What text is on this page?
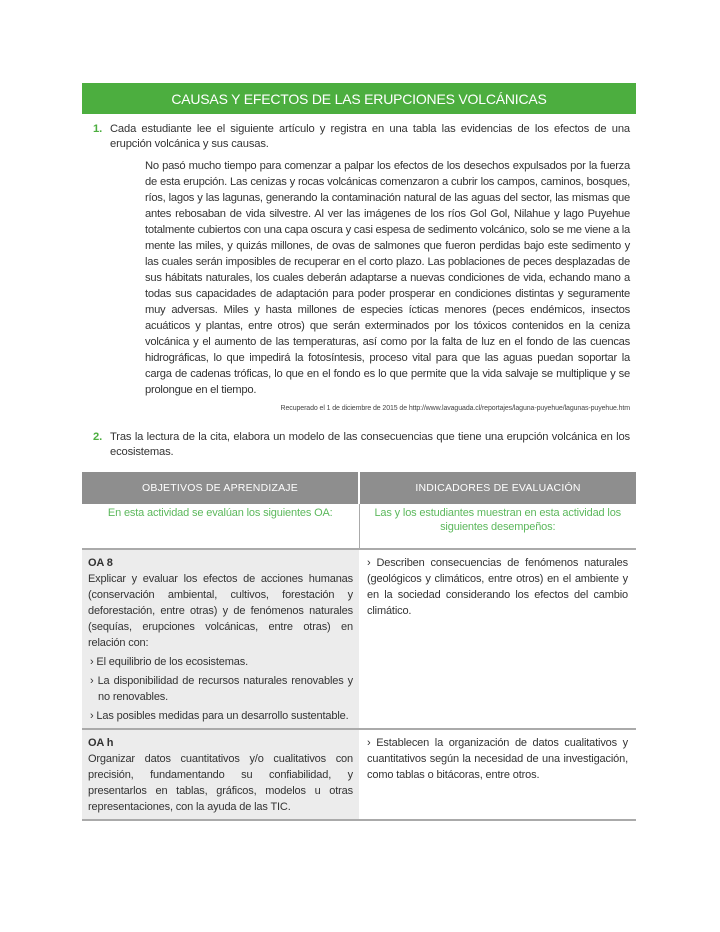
CAUSAS Y EFECTOS DE LAS ERUPCIONES VOLCÁNICAS
1. Cada estudiante lee el siguiente artículo y registra en una tabla las evidencias de los efectos de una erupción volcánica y sus causas.
No pasó mucho tiempo para comenzar a palpar los efectos de los desechos expulsados por la fuerza de esta erupción. Las cenizas y rocas volcánicas comenzaron a cubrir los campos, caminos, bosques, ríos, lagos y las lagunas, generando la contaminación natural de las aguas del sector, las mismas que antes rebosaban de vida silvestre. Al ver las imágenes de los ríos Gol Gol, Nilahue y lago Puyehue totalmente cubiertos con una capa oscura y casi espesa de sedimento volcánico, solo se me viene a la mente las miles, y quizás millones, de ovas de salmones que fueron perdidas bajo este sedimento y las cuales serán imposibles de recuperar en el corto plazo. Las poblaciones de peces desplazadas de sus hábitats naturales, los cuales deberán adaptarse a nuevas condiciones de vida, echando mano a todas sus capacidades de adaptación para poder prosperar en condiciones distintas y seguramente muy adversas. Miles y hasta millones de especies ícticas menores (peces endémicos, insectos acuáticos y plantas, entre otros) que serán exterminados por los tóxicos contenidos en la ceniza volcánica y el aumento de las temperaturas, así como por la falta de luz en el fondo de las cuencas hidrográficas, lo que impedirá la fotosíntesis, proceso vital para que las aguas puedan soportar la carga de cadenas tróficas, lo que en el fondo es lo que permite que la vida salvaje se multiplique y se prolongue en el tiempo.
Recuperado el 1 de diciembre de 2015 de http://www.lavaguada.cl/reportajes/laguna-puyehue/lagunas-puyehue.htm
2. Tras la lectura de la cita, elabora un modelo de las consecuencias que tiene una erupción volcánica en los ecosistemas.
OBJETIVOS DE APRENDIZAJE	INDICADORES DE EVALUACIÓN
En esta actividad se evalúan los siguientes OA:	Las y los estudiantes muestran en esta actividad los siguientes desempeños:

OA 8
Explicar y evaluar los efectos de acciones humanas (conservación ambiental, cultivos, forestación y deforestación, entre otras) y de fenómenos naturales (sequías, erupciones volcánicas, entre otras) en relación con:
› El equilibrio de los ecosistemas.
› La disponibilidad de recursos naturales renovables y no renovables.
› Las posibles medidas para un desarrollo sustentable.	› Describen consecuencias de fenómenos naturales (geológicos y climáticos, entre otros) en el ambiente y en la sociedad considerando los efectos del cambio climático.

OA h
Organizar datos cuantitativos y/o cualitativos con precisión, fundamentando su confiabilidad, y presentarlos en tablas, gráficos, modelos u otras representaciones, con la ayuda de las TIC.	› Establecen la organización de datos cualitativos y cuantitativos según la necesidad de una investigación, como tablas o bitácoras, entre otros.
